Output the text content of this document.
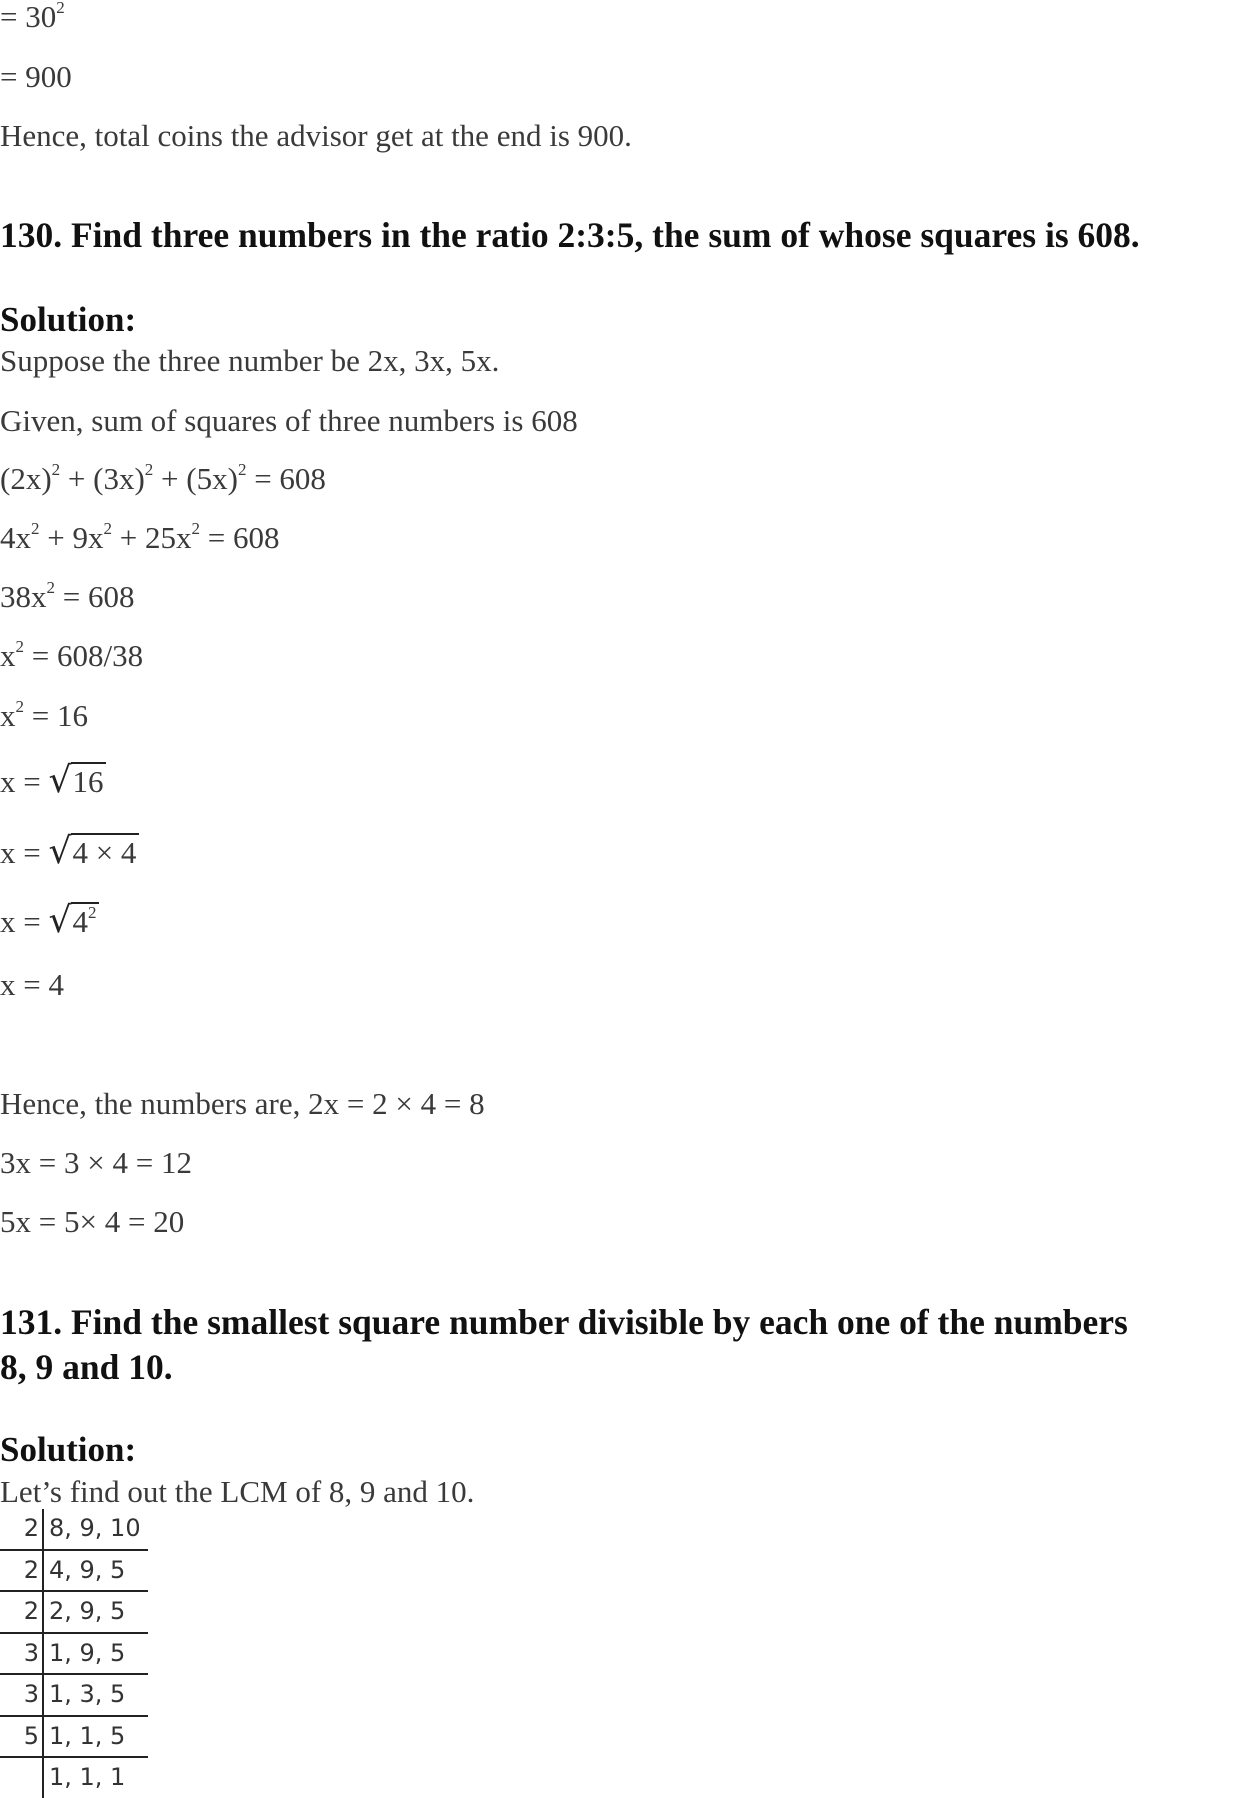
130. Find three numbers in the ratio 2:3:5, the sum of whose squares is 608.
Solution:
131. Find the smallest square number divisible by each one of the numbers
8, 9 and 10.
Solution:
Let’s find out the LCM of 8, 9 and 10.
2	8, 9, 10
2	4, 9, 5
2	2, 9, 5
3	1, 9, 5
3	1, 3, 5
5	1, 1, 5
	1, 1, 1
= $30^2$
= 900
Hence, total coins the advisor get at the end is 900.
Suppose the three number be 2x, 3x, 5x.
Given, sum of squares of three numbers is 608
$(2x)^2 + (3x)^2 + (5x)^2 = 608$
$4x^2 + 9x^2 + 25x^2 = 608$
$38x^2 = 608$
$x^2 = 608/38$
$x^2 = 16$
x = √16
x = √4 × 4
$x = √4^2$
x = 4
Hence, the numbers are, 2x = 2 × 4 = 8
3x = 3 × 4 = 12
5x = 5× 4 = 20
